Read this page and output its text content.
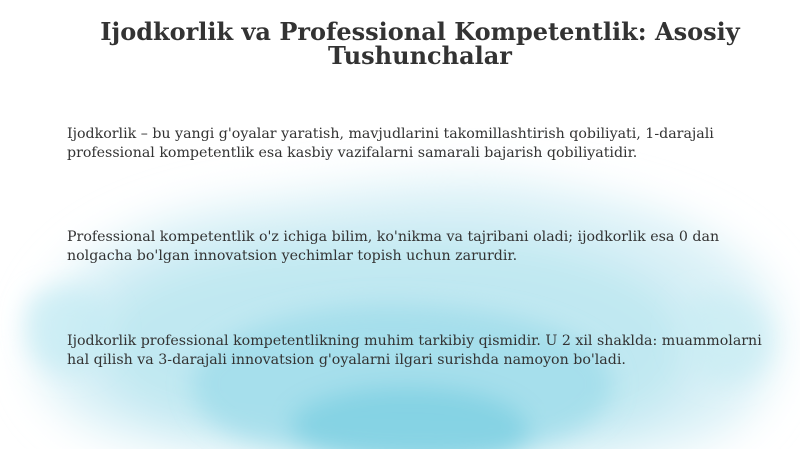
Ijodkorlik va Professional Kompetentlik: Asosiy Tushunchalar

Ijodkorlik – bu yangi g'oyalar yaratish, mavjudlarini takomillashtirish qobiliyati, 1-darajali professional kompetentlik esa kasbiy vazifalarni samarali bajarish qobiliyatidir.

Professional kompetentlik o'z ichiga bilim, ko'nikma va tajribani oladi; ijodkorlik esa 0 dan nolgacha bo'lgan innovatsion yechimlar topish uchun zarurdir.

Ijodkorlik professional kompetentlikning muhim tarkibiy qismidir. U 2 xil shaklda: muammolarni hal qilish va 3-darajali innovatsion g'oyalarni ilgari surishda namoyon bo'ladi.
